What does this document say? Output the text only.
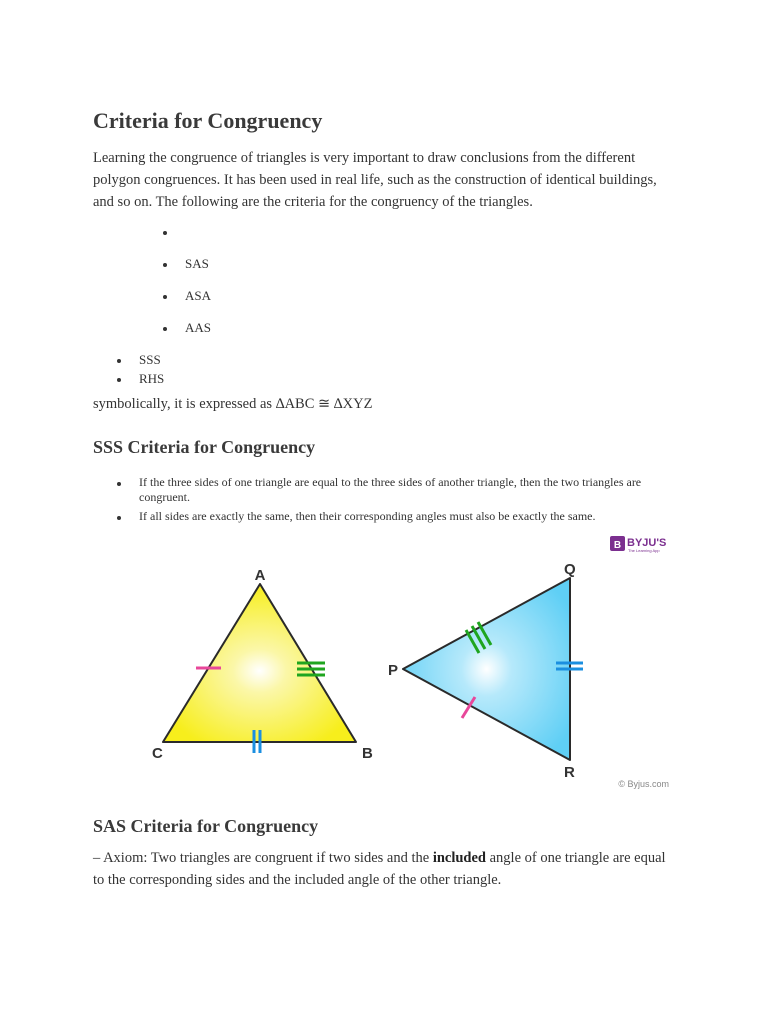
Criteria for Congruency

Learning the congruence of triangles is very important to draw conclusions from the different polygon congruences. It has been used in real life, such as the construction of identical buildings, and so on. The following are the criteria for the congruency of the triangles.

SAS
ASA
AAS
SSS
RHS

symbolically, it is expressed as ∆ABC ≅ ∆XYZ

SSS Criteria for Congruency
If the three sides of one triangle are equal to the three sides of another triangle, then the two triangles are congruent.
If all sides are exactly the same, then their corresponding angles must also be exactly the same.
SAS Criteria for Congruency

– Axiom: Two triangles are congruent if two sides and the included angle of one triangle are equal to the corresponding sides and the included angle of the other triangle.

B BYJU'S
The Learning App
A
B
C
P
Q
R
© Byjus.com
